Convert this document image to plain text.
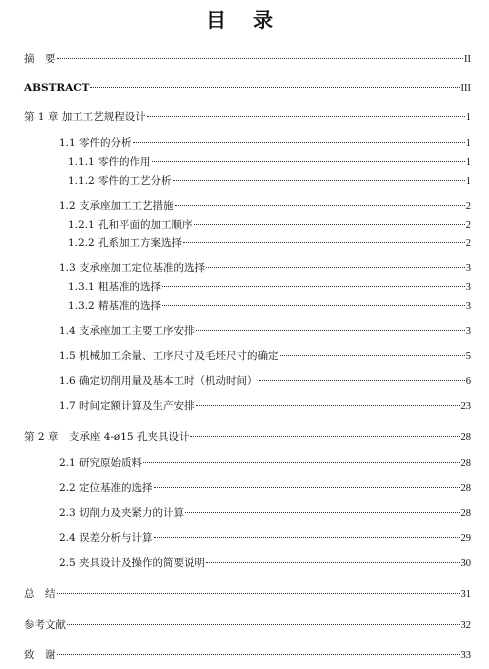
目 录
摘　要	II
ABSTRACT	III
第 1 章 加工工艺规程设计	1
1.1 零件的分析	1
1.1.1 零件的作用	1
1.1.2 零件的工艺分析	1
1.2 支承座加工工艺措施	2
1.2.1 孔和平面的加工顺序	2
1.2.2 孔系加工方案选择	2
1.3 支承座加工定位基准的选择	3
1.3.1 粗基准的选择	3
1.3.2 精基准的选择	3
1.4 支承座加工主要工序安排	3
1.5 机械加工余量、工序尺寸及毛坯尺寸的确定	5
1.6 确定切削用量及基本工时（机动时间）	6
1.7 时间定额计算及生产安排	23
第 2 章　支承座 4-ø15 孔夹具设计	28
2.1 研究原始质料	28
2.2 定位基准的选择	28
2.3 切削力及夹紧力的计算	28
2.4 误差分析与计算	29
2.5 夹具设计及操作的简要说明	30
总　结	31
参考文献	32
致　谢	33
